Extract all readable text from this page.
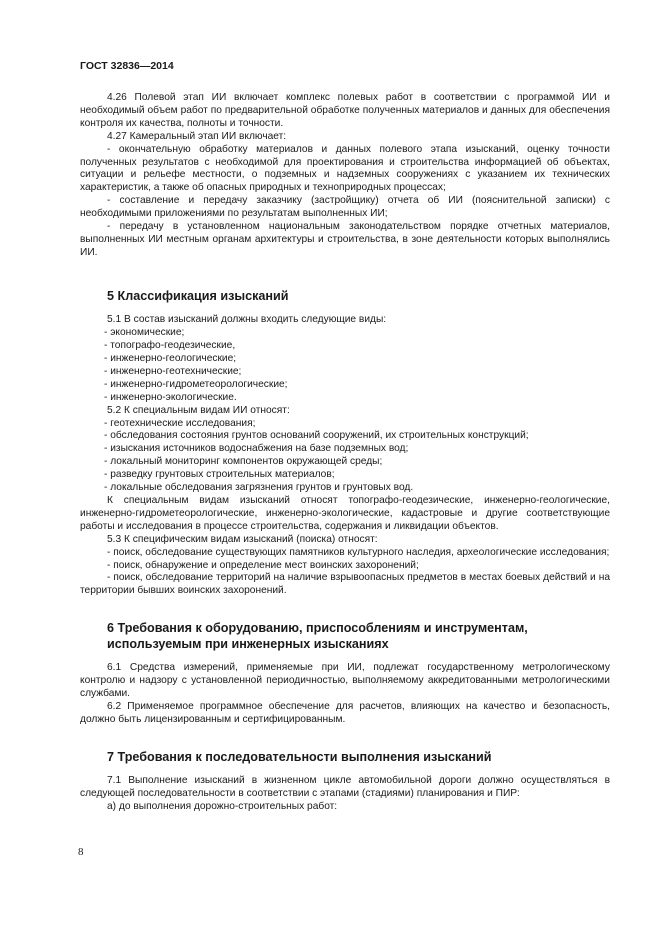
ГОСТ 32836—2014

4.26 Полевой этап ИИ включает комплекс полевых работ в соответствии с программой ИИ и необходимый объем работ по предварительной обработке полученных материалов и данных для обеспечения контроля их качества, полноты и точности.

4.27 Камеральный этап ИИ включает:

- окончательную обработку материалов и данных полевого этапа изысканий, оценку точности полученных результатов с необходимой для проектирования и строительства информацией об объектах, ситуации и рельефе местности, о подземных и надземных сооружениях с указанием их технических характеристик, а также об опасных природных и техноприродных процессах;

- составление и передачу заказчику (застройщику) отчета об ИИ (пояснительной записки) с необходимыми приложениями по результатам выполненных ИИ;

- передачу в установленном национальным законодательством порядке отчетных материалов, выполненных ИИ местным органам архитектуры и строительства, в зоне деятельности которых выполнялись ИИ.

5 Классификация изысканий

5.1 В состав изысканий должны входить следующие виды:

- экономические;

- топографо-геодезические,

- инженерно-геологические;

- инженерно-геотехнические;

- инженерно-гидрометеорологические;

- инженерно-экологические.

5.2 К специальным видам ИИ относят:

- геотехнические исследования;

- обследования состояния грунтов оснований сооружений, их строительных конструкций;

- изыскания источников водоснабжения на базе подземных вод;

- локальный мониторинг компонентов окружающей среды;

- разведку грунтовых строительных материалов;

- локальные обследования загрязнения грунтов и грунтовых вод.

К специальным видам изысканий относят топографо-геодезические, инженерно-геологические, инженерно-гидрометеорологические, инженерно-экологические, кадастровые и другие соответствующие работы и исследования в процессе строительства, содержания и ликвидации объектов.

5.3 К специфическим видам изысканий (поиска) относят:

- поиск, обследование существующих памятников культурного наследия, археологические исследования;

- поиск, обнаружение и определение мест воинских захоронений;

- поиск, обследование территорий на наличие взрывоопасных предметов в местах боевых действий и на территории бывших воинских захоронений.

6 Требования к оборудованию, приспособлениям и инструментам, используемым при инженерных изысканиях

6.1 Средства измерений, применяемые при ИИ, подлежат государственному метрологическому контролю и надзору с установленной периодичностью, выполняемому аккредитованными метрологическими службами.

6.2 Применяемое программное обеспечение для расчетов, влияющих на качество и безопасность, должно быть лицензированным и сертифицированным.

7 Требования к последовательности выполнения изысканий

7.1 Выполнение изысканий в жизненном цикле автомобильной дороги должно осуществляться в следующей последовательности в соответствии с этапами (стадиями) планирования и ПИР:

а) до выполнения дорожно-строительных работ:

8
